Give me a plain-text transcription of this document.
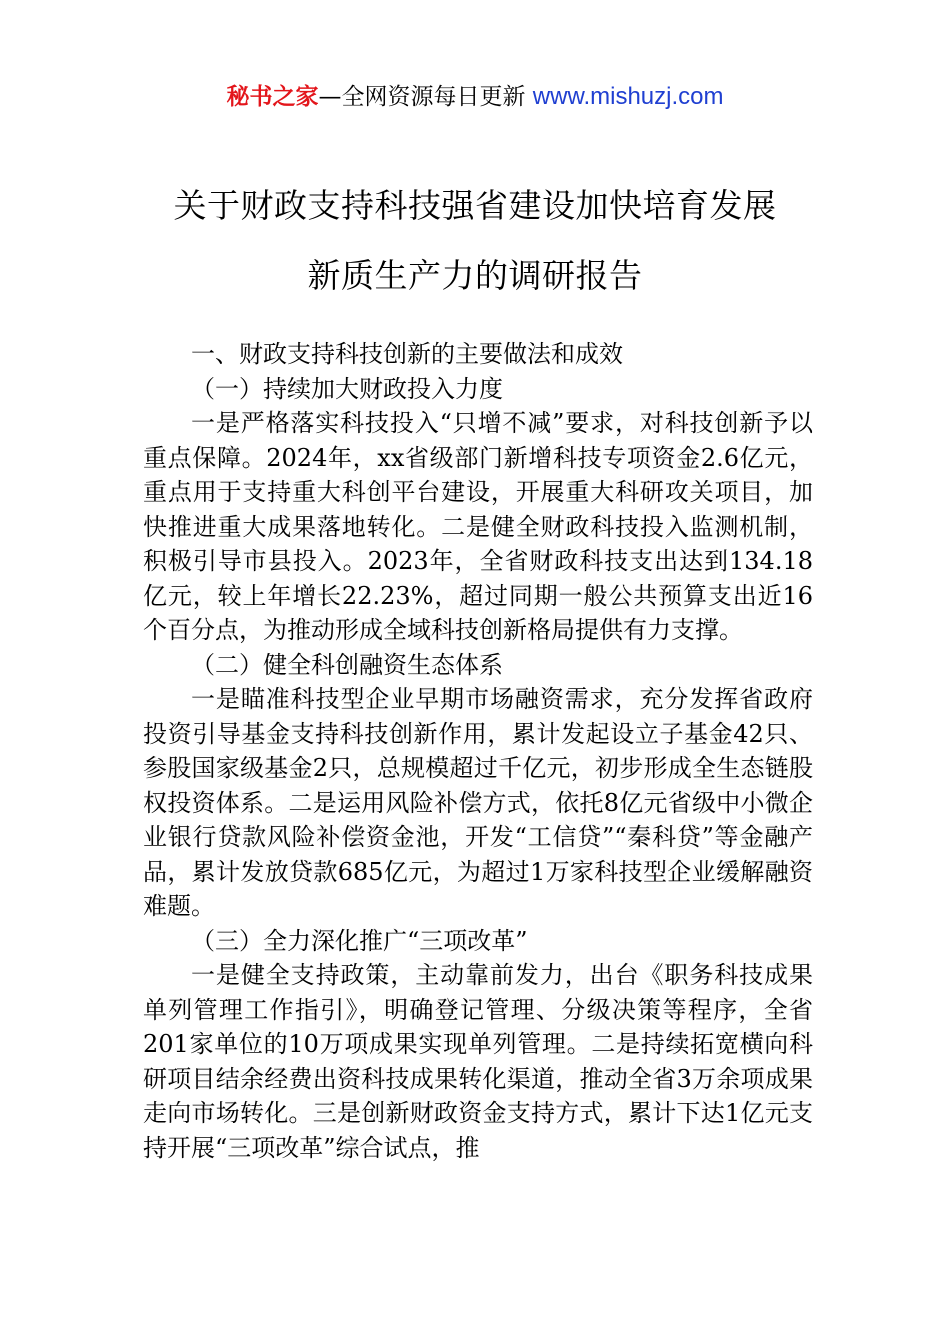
秘书之家—全网资源每日更新 www.mishuzj.com
关于财政支持科技强省建设加快培育发展
新质生产力的调研报告

一、财政支持科技创新的主要做法和成效

（一）持续加大财政投入力度

一是严格落实科技投入“只增不减”要求，对科技创新予以重点保障。2024年，xx省级部门新增科技专项资金2.6亿元，重点用于支持重大科创平台建设，开展重大科研攻关项目，加快推进重大成果落地转化。二是健全财政科技投入监测机制，积极引导市县投入。2023年，全省财政科技支出达到134.18亿元，较上年增长22.23%，超过同期一般公共预算支出近16个百分点，为推动形成全域科技创新格局提供有力支撑。

（二）健全科创融资生态体系

一是瞄准科技型企业早期市场融资需求，充分发挥省政府投资引导基金支持科技创新作用，累计发起设立子基金42只、参股国家级基金2只，总规模超过千亿元，初步形成全生态链股权投资体系。二是运用风险补偿方式，依托8亿元省级中小微企业银行贷款风险补偿资金池，开发“工信贷”“秦科贷”等金融产品，累计发放贷款685亿元，为超过1万家科技型企业缓解融资难题。

（三）全力深化推广“三项改革”

一是健全支持政策，主动靠前发力，出台《职务科技成果单列管理工作指引》，明确登记管理、分级决策等程序，全省201家单位的10万项成果实现单列管理。二是持续拓宽横向科研项目结余经费出资科技成果转化渠道，推动全省3万余项成果走向市场转化。三是创新财政资金支持方式，累计下达1亿元支持开展“三项改革”综合试点，推
